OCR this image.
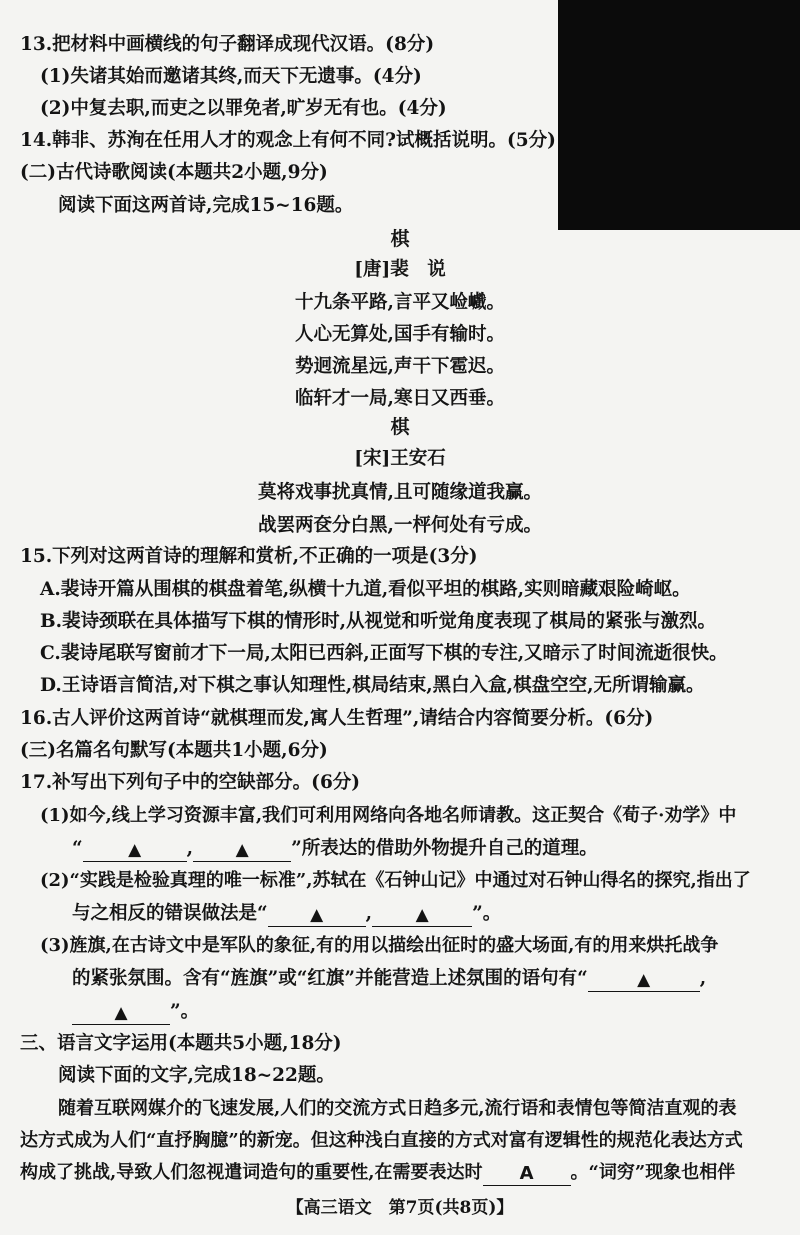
13.把材料中画横线的句子翻译成现代汉语。(8分)
(1)失诸其始而邀诸其终,而天下无遗事。(4分)
(2)中复去职,而吏之以罪免者,旷岁无有也。(4分)
14.韩非、苏洵在任用人才的观念上有何不同?试概括说明。(5分)
(二)古代诗歌阅读(本题共2小题,9分)
阅读下面这两首诗,完成15~16题。
棋
[唐]裴　说
十九条平路,言平又崄巇。
人心无算处,国手有输时。
势迥流星远,声干下雹迟。
临轩才一局,寒日又西垂。
棋
[宋]王安石
莫将戏事扰真情,且可随缘道我赢。
战罢两奁分白黑,一枰何处有亏成。
15.下列对这两首诗的理解和赏析,不正确的一项是(3分)
A.裴诗开篇从围棋的棋盘着笔,纵横十九道,看似平坦的棋路,实则暗藏艰险崎岖。
B.裴诗颈联在具体描写下棋的情形时,从视觉和听觉角度表现了棋局的紧张与激烈。
C.裴诗尾联写窗前才下一局,太阳已西斜,正面写下棋的专注,又暗示了时间流逝很快。
D.王诗语言简洁,对下棋之事认知理性,棋局结束,黑白入盒,棋盘空空,无所谓输赢。
16.古人评价这两首诗“就棋理而发,寓人生哲理”,请结合内容简要分析。(6分)
(三)名篇名句默写(本题共1小题,6分)
17.补写出下列句子中的空缺部分。(6分)
(1)如今,线上学习资源丰富,我们可利用网络向各地名师请教。这正契合《荀子·劝学》中
“	▲ , ▲ ”所表达的借助外物提升自己的道理。
(2)“实践是检验真理的唯一标准”,苏轼在《石钟山记》中通过对石钟山得名的探究,指出了
与之相反的错误做法是“ ▲ ,	▲ ”。
(3)旌旗,在古诗文中是军队的象征,有的用以描绘出征时的盛大场面,有的用来烘托战争
的紧张氛围。含有“旌旗”或“红旗”并能营造上述氛围的语句有“	▲	,
▲ ”。
三、语言文字运用(本题共5小题,18分)
阅读下面的文字,完成18~22题。
随着互联网媒介的飞速发展,人们的交流方式日趋多元,流行语和表情包等简洁直观的表
达方式成为人们“直抒胸臆”的新宠。但这种浅白直接的方式对富有逻辑性的规范化表达方式
构成了挑战,导致人们忽视遣词造句的重要性,在需要表达时 A 。“词穷”现象也相伴
【高三语文　第7页(共8页)】
